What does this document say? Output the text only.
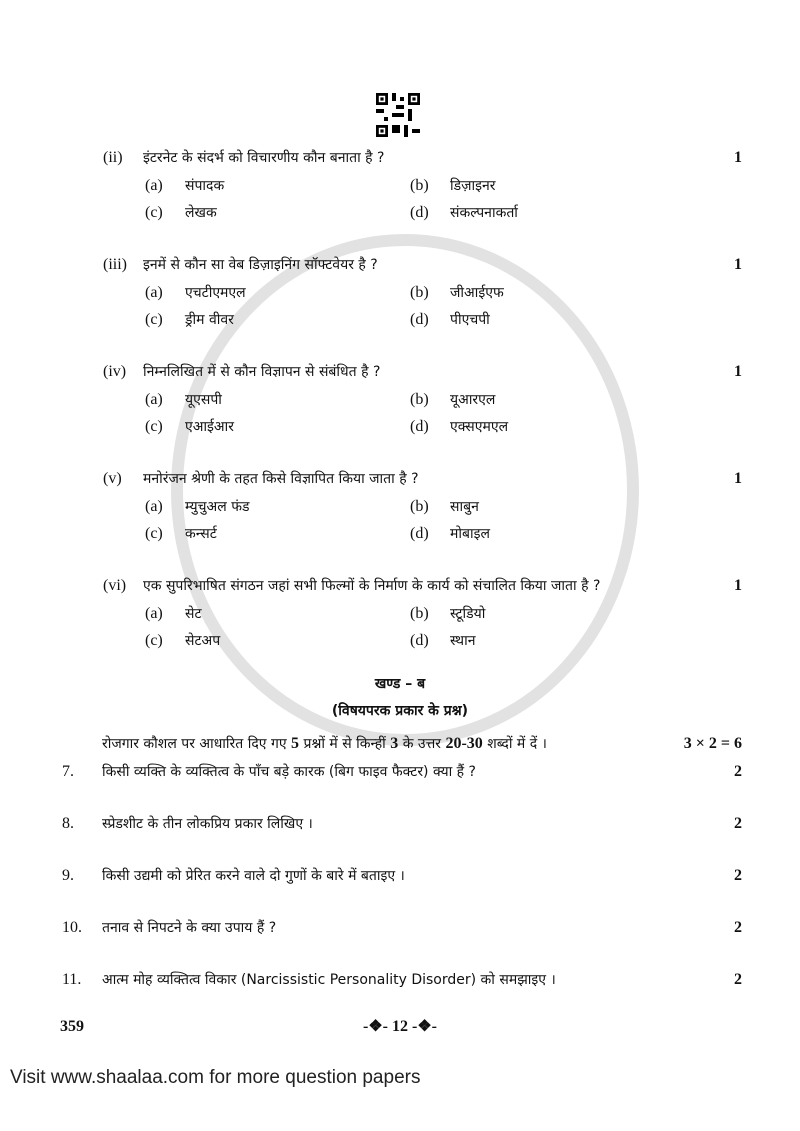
(ii)	इंटरनेट के संदर्भ को विचारणीय कौन बनाता है ?	1
(a)	संपादक	(b)	डिज़ाइनर
(c)	लेखक	(d)	संकल्पनाकर्ता
(iii)	इनमें से कौन सा वेब डिज़ाइनिंग सॉफ्टवेयर है ?	1
(a)	एचटीएमएल	(b)	जीआईएफ
(c)	ड्रीम वीवर	(d)	पीएचपी
(iv)	निम्नलिखित में से कौन विज्ञापन से संबंधित है ?	1
(a)	यूएसपी	(b)	यूआरएल
(c)	एआईआर	(d)	एक्सएमएल
(v)	मनोरंजन श्रेणी के तहत किसे विज्ञापित किया जाता है ?	1
(a)	म्युचुअल फंड	(b)	साबुन
(c)	कन्सर्ट	(d)	मोबाइल
(vi)	एक सुपरिभाषित संगठन जहां सभी फिल्मों के निर्माण के कार्य को संचालित किया जाता है ?	1
(a)	सेट	(b)	स्टूडियो
(c)	सेटअप	(d)	स्थान
खण्ड – ब
(विषयपरक प्रकार के प्रश्न)
रोजगार कौशल पर आधारित दिए गए 5 प्रश्नों में से किन्हीं 3 के उत्तर 20-30 शब्दों में दें ।	3 × 2 = 6
7.	किसी व्यक्ति के व्यक्तित्व के पाँच बड़े कारक (बिग फाइव फैक्टर) क्या हैं ?	2
8.	स्प्रेडशीट के तीन लोकप्रिय प्रकार लिखिए ।	2
9.	किसी उद्यमी को प्रेरित करने वाले दो गुणों के बारे में बताइए ।	2
10.	तनाव से निपटने के क्या उपाय हैं ?	2
11.	आत्म मोह व्यक्तित्व विकार (Narcissistic Personality Disorder) को समझाइए ।	2
359	-❖- 12 -❖-
Visit www.shaalaa.com for more question papers
